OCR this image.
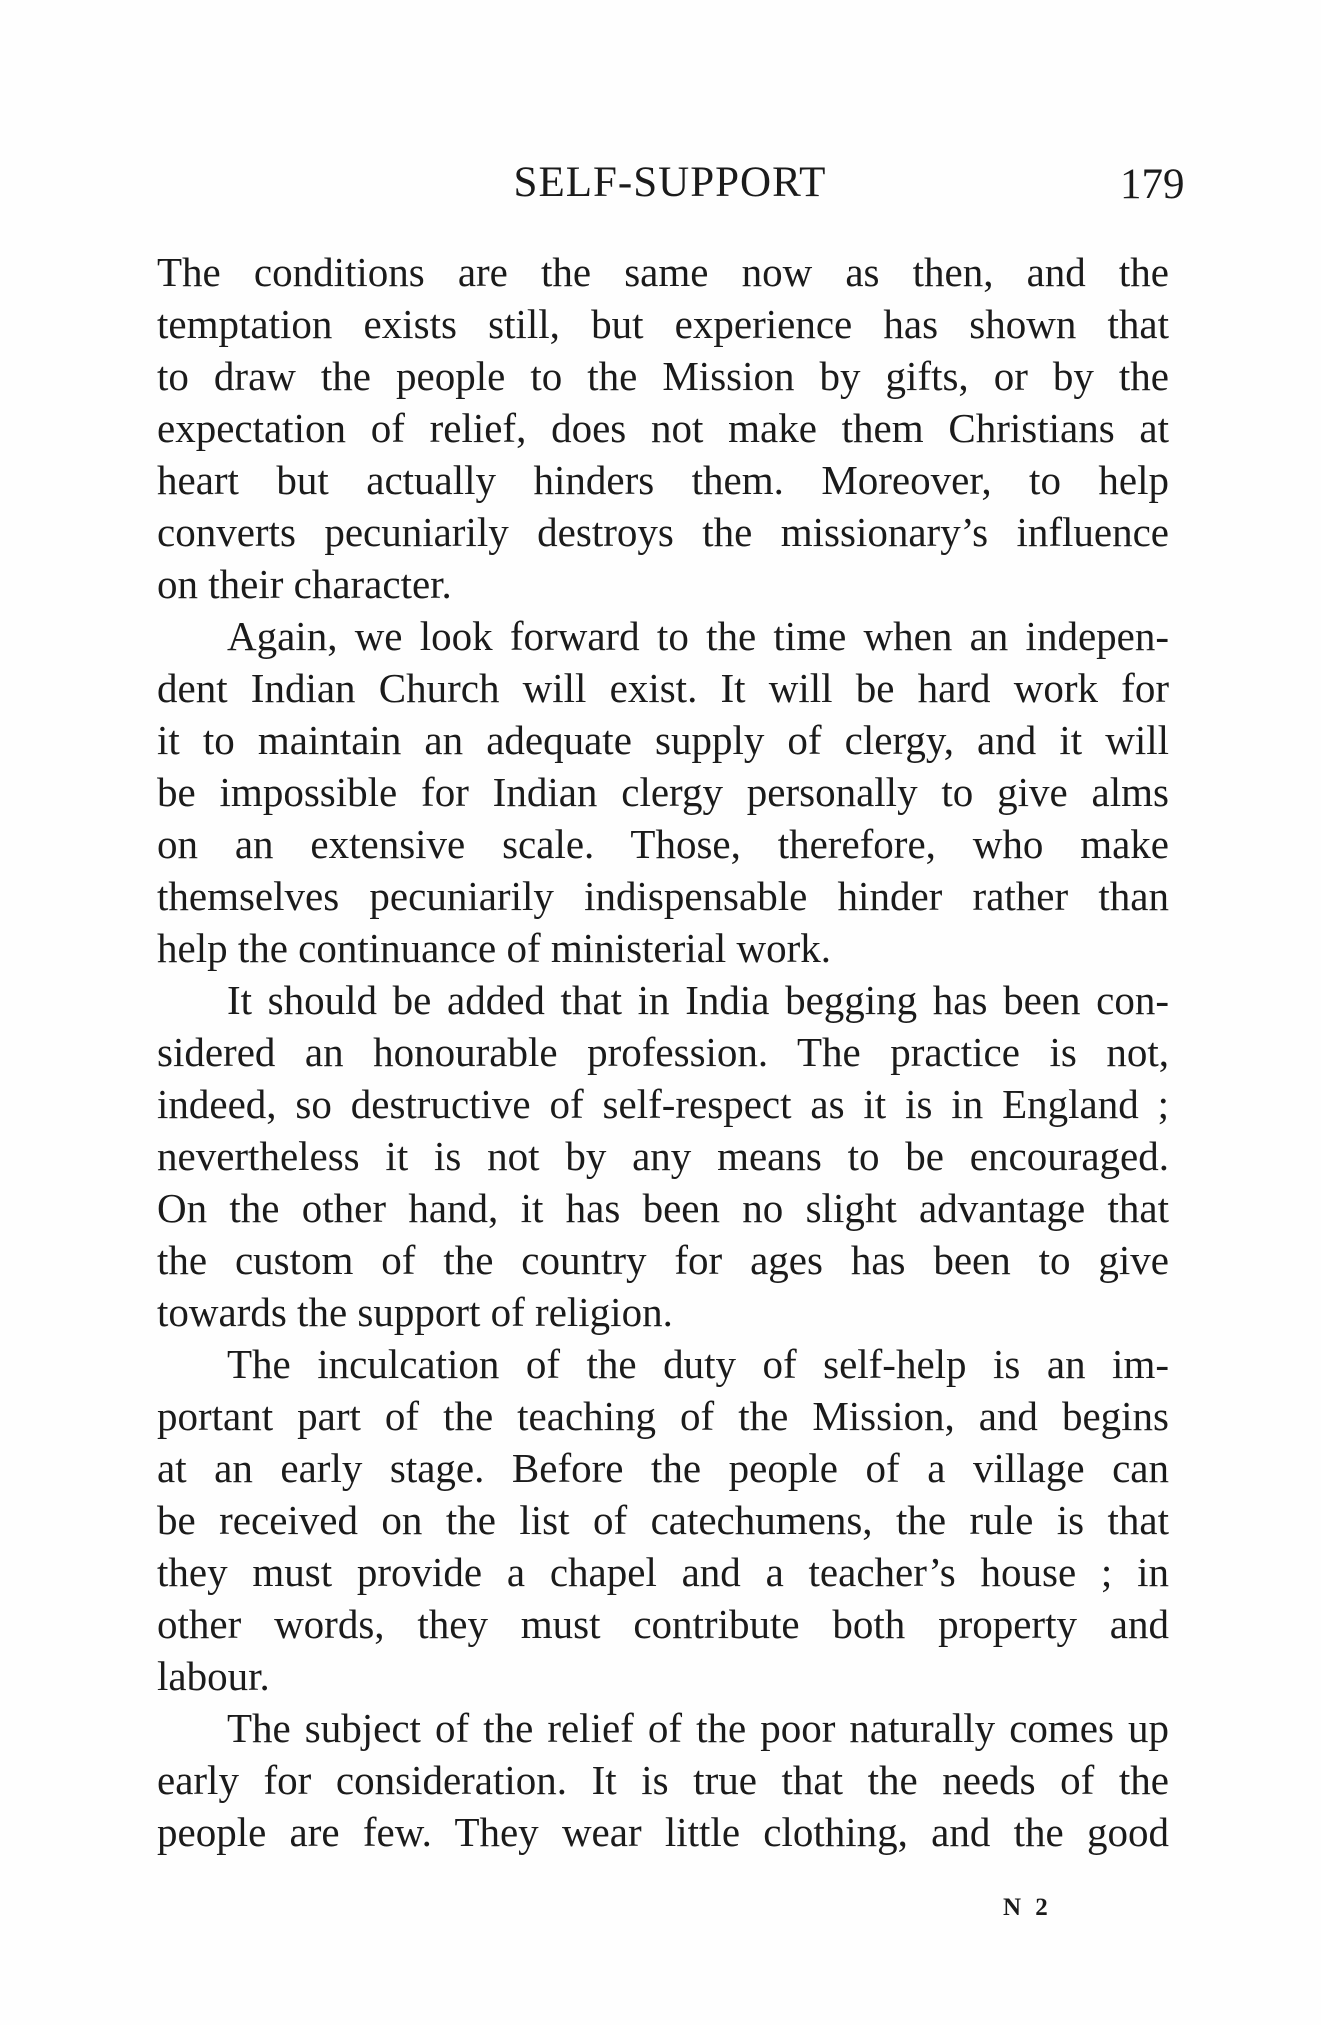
SELF-SUPPORT	179
The conditions are the same now as then, and the
temptation exists still, but experience has shown that
to draw the people to the Mission by gifts, or by the
expectation of relief, does not make them Christians at
heart but actually hinders them. Moreover, to help
converts pecuniarily destroys the missionary’s influence
on their character.
Again, we look forward to the time when an indepen-
dent Indian Church will exist. It will be hard work for
it to maintain an adequate supply of clergy, and it will
be impossible for Indian clergy personally to give alms
on an extensive scale. Those, therefore, who make
themselves pecuniarily indispensable hinder rather than
help the continuance of ministerial work.
It should be added that in India begging has been con-
sidered an honourable profession. The practice is not,
indeed, so destructive of self-respect as it is in England ;
nevertheless it is not by any means to be encouraged.
On the other hand, it has been no slight advantage that
the custom of the country for ages has been to give
towards the support of religion.
The inculcation of the duty of self-help is an im-
portant part of the teaching of the Mission, and begins
at an early stage. Before the people of a village can
be received on the list of catechumens, the rule is that
they must provide a chapel and a teacher’s house ; in
other words, they must contribute both property and
labour.
The subject of the relief of the poor naturally comes up
early for consideration. It is true that the needs of the
people are few. They wear little clothing, and the good
N 2
